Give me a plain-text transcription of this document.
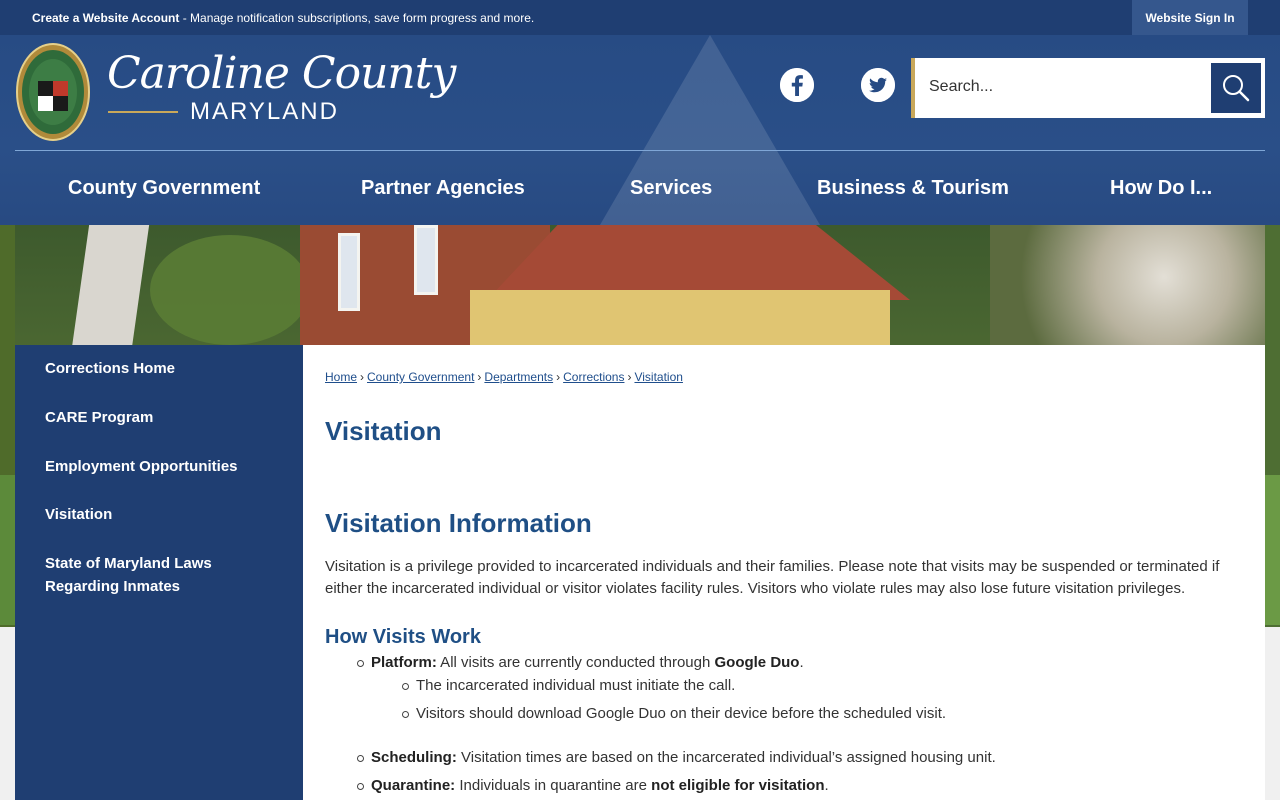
Create a Website Account - Manage notification subscriptions, save form progress and more.	Website Sign In
Caroline County
MARYLAND
Search...
County Government	Partner Agencies	Services	Business & Tourism	How Do I...
Corrections Home
CARE Program
Employment Opportunities
Visitation
State of Maryland Laws Regarding Inmates
Home › County Government › Departments › Corrections › Visitation
Visitation
Visitation Information

Visitation is a privilege provided to incarcerated individuals and their families. Please note that visits may be suspended or terminated if either the incarcerated individual or visitor violates facility rules. Visitors who violate rules may also lose future visitation privileges.

How Visits Work
Platform: All visits are currently conducted through Google Duo.
The incarcerated individual must initiate the call.
Visitors should download Google Duo on their device before the scheduled visit.
Scheduling: Visitation times are based on the incarcerated individual’s assigned housing unit.
Quarantine: Individuals in quarantine are not eligible for visitation.
